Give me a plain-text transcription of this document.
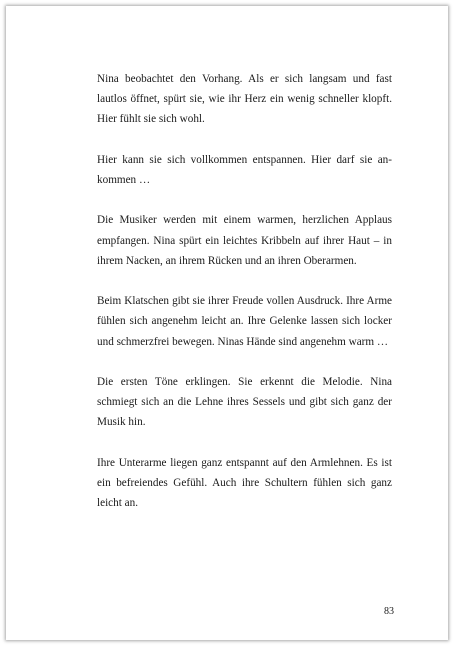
Nina beobachtet den Vorhang. Als er sich langsam und fast lautlos öffnet, spürt sie, wie ihr Herz ein wenig schneller klopft. Hier fühlt sie sich wohl.

Hier kann sie sich vollkommen entspannen. Hier darf sie ankommen …

Die Musiker werden mit einem warmen, herzlichen Applaus empfangen. Nina spürt ein leichtes Kribbeln auf ihrer Haut – in ihrem Nacken, an ihrem Rücken und an ihren Oberarmen.

Beim Klatschen gibt sie ihrer Freude vollen Ausdruck. Ihre Arme fühlen sich angenehm leicht an. Ihre Gelenke lassen sich locker und schmerzfrei bewegen. Ninas Hände sind angenehm warm …

Die ersten Töne erklingen. Sie erkennt die Melodie. Nina schmiegt sich an die Lehne ihres Sessels und gibt sich ganz der Musik hin.

Ihre Unterarme liegen ganz entspannt auf den Armlehnen. Es ist ein befreiendes Gefühl. Auch ihre Schultern fühlen sich ganz leicht an.

83
